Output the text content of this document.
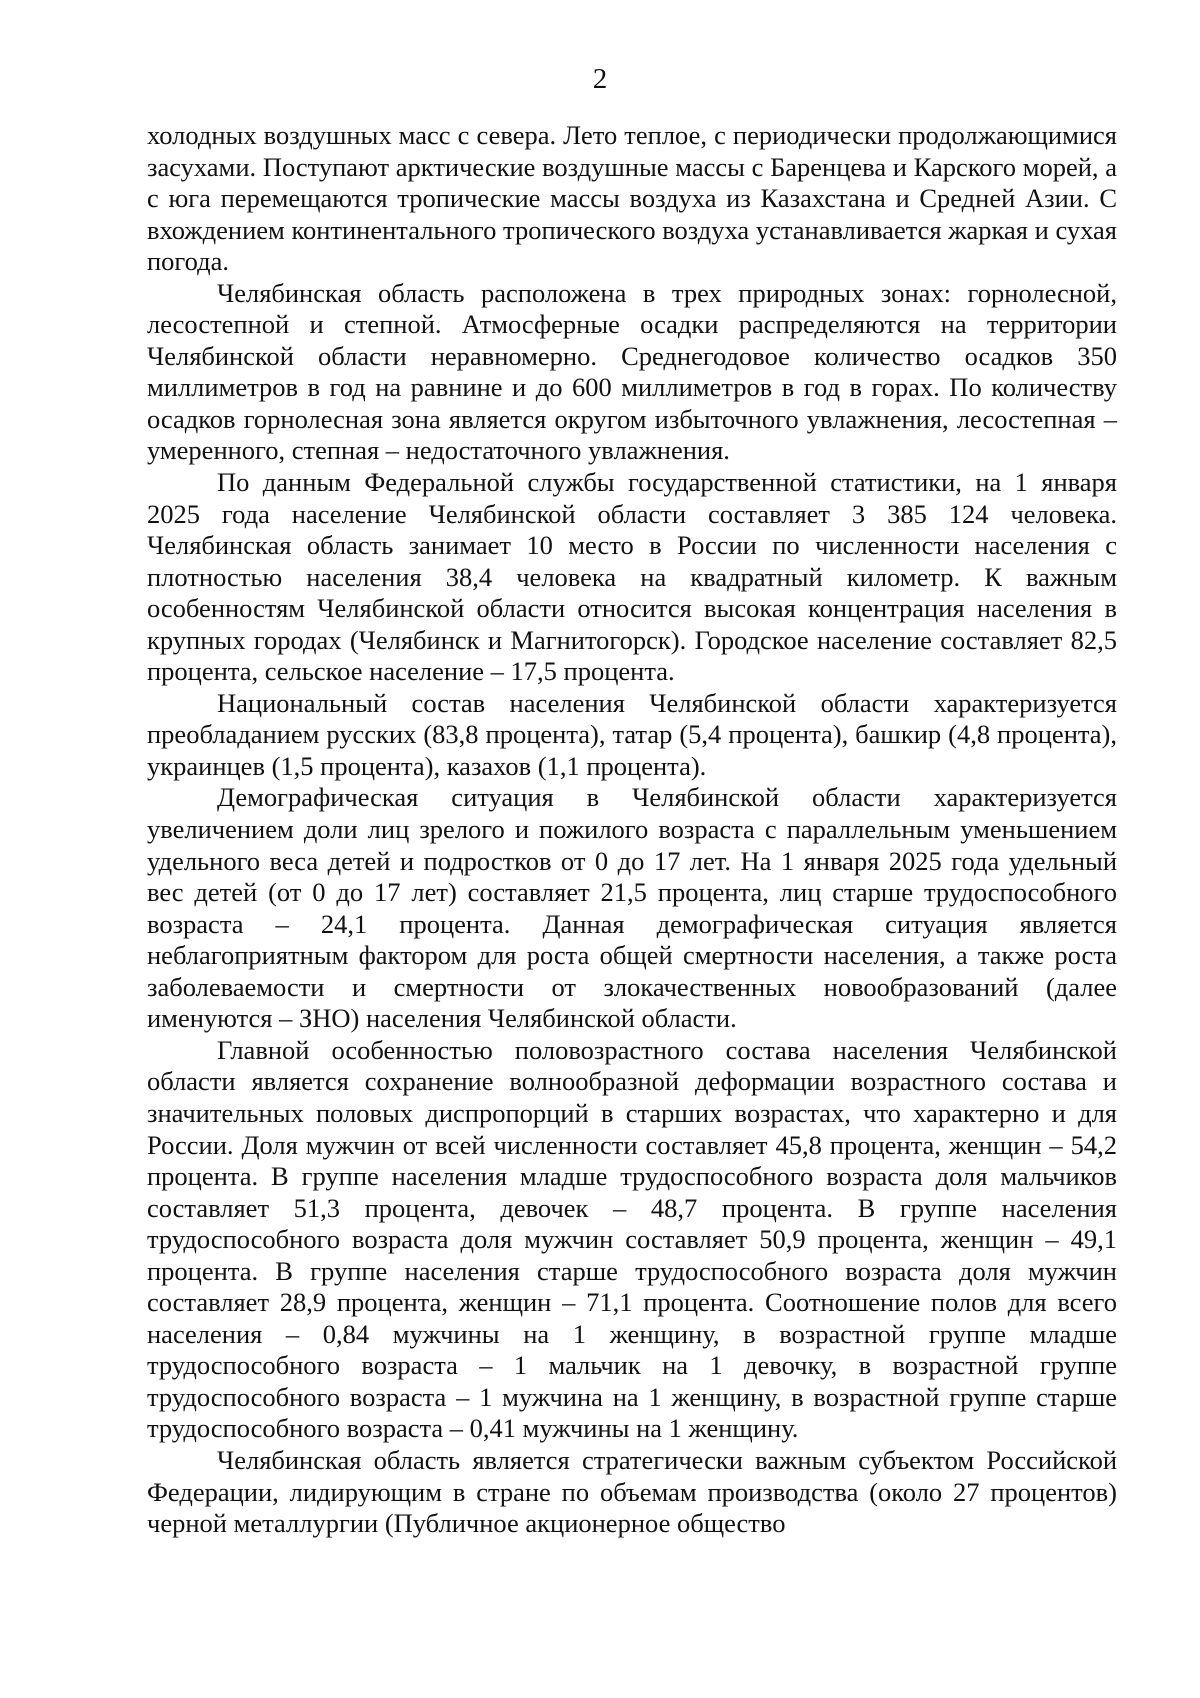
2

холодных воздушных масс с севера. Лето теплое, с периодически продолжающимися засухами. Поступают арктические воздушные массы с Баренцева и Карского морей, а с юга перемещаются тропические массы воздуха из Казахстана и Средней Азии. С вхождением континентального тропического воздуха устанавливается жаркая и сухая погода.

Челябинская область расположена в трех природных зонах: горнолесной, лесостепной и степной. Атмосферные осадки распределяются на территории Челябинской области неравномерно. Среднегодовое количество осадков 350 миллиметров в год на равнине и до 600 миллиметров в год в горах. По количеству осадков горнолесная зона является округом избыточного увлажнения, лесостепная – умеренного, степная – недостаточного увлажнения.

По данным Федеральной службы государственной статистики, на 1 января 2025 года население Челябинской области составляет 3 385 124 человека. Челябинская область занимает 10 место в России по численности населения с плотностью населения 38,4 человека на квадратный километр. К важным особенностям Челябинской области относится высокая концентрация населения в крупных городах (Челябинск и Магнитогорск). Городское население составляет 82,5 процента, сельское население – 17,5 процента.

Национальный состав населения Челябинской области характеризуется преобладанием русских (83,8 процента), татар (5,4 процента), башкир (4,8 процента), украинцев (1,5 процента), казахов (1,1 процента).

Демографическая ситуация в Челябинской области характеризуется увеличением доли лиц зрелого и пожилого возраста с параллельным уменьшением удельного веса детей и подростков от 0 до 17 лет. На 1 января 2025 года удельный вес детей (от 0 до 17 лет) составляет 21,5 процента, лиц старше трудоспособного возраста – 24,1 процента. Данная демографическая ситуация является неблагоприятным фактором для роста общей смертности населения, а также роста заболеваемости и смертности от злокачественных новообразований (далее именуются – ЗНО) населения Челябинской области.

Главной особенностью половозрастного состава населения Челябинской области является сохранение волнообразной деформации возрастного состава и значительных половых диспропорций в старших возрастах, что характерно и для России. Доля мужчин от всей численности составляет 45,8 процента, женщин – 54,2 процента. В группе населения младше трудоспособного возраста доля мальчиков составляет 51,3 процента, девочек – 48,7 процента. В группе населения трудоспособного возраста доля мужчин составляет 50,9 процента, женщин – 49,1 процента. В группе населения старше трудоспособного возраста доля мужчин составляет 28,9 процента, женщин – 71,1 процента. Соотношение полов для всего населения – 0,84 мужчины на 1 женщину, в возрастной группе младше трудоспособного возраста – 1 мальчик на 1 девочку, в возрастной группе трудоспособного возраста – 1 мужчина на 1 женщину, в возрастной группе старше трудоспособного возраста – 0,41 мужчины на 1 женщину.

Челябинская область является стратегически важным субъектом Российской Федерации, лидирующим в стране по объемам производства (около 27 процентов) черной металлургии (Публичное акционерное общество
